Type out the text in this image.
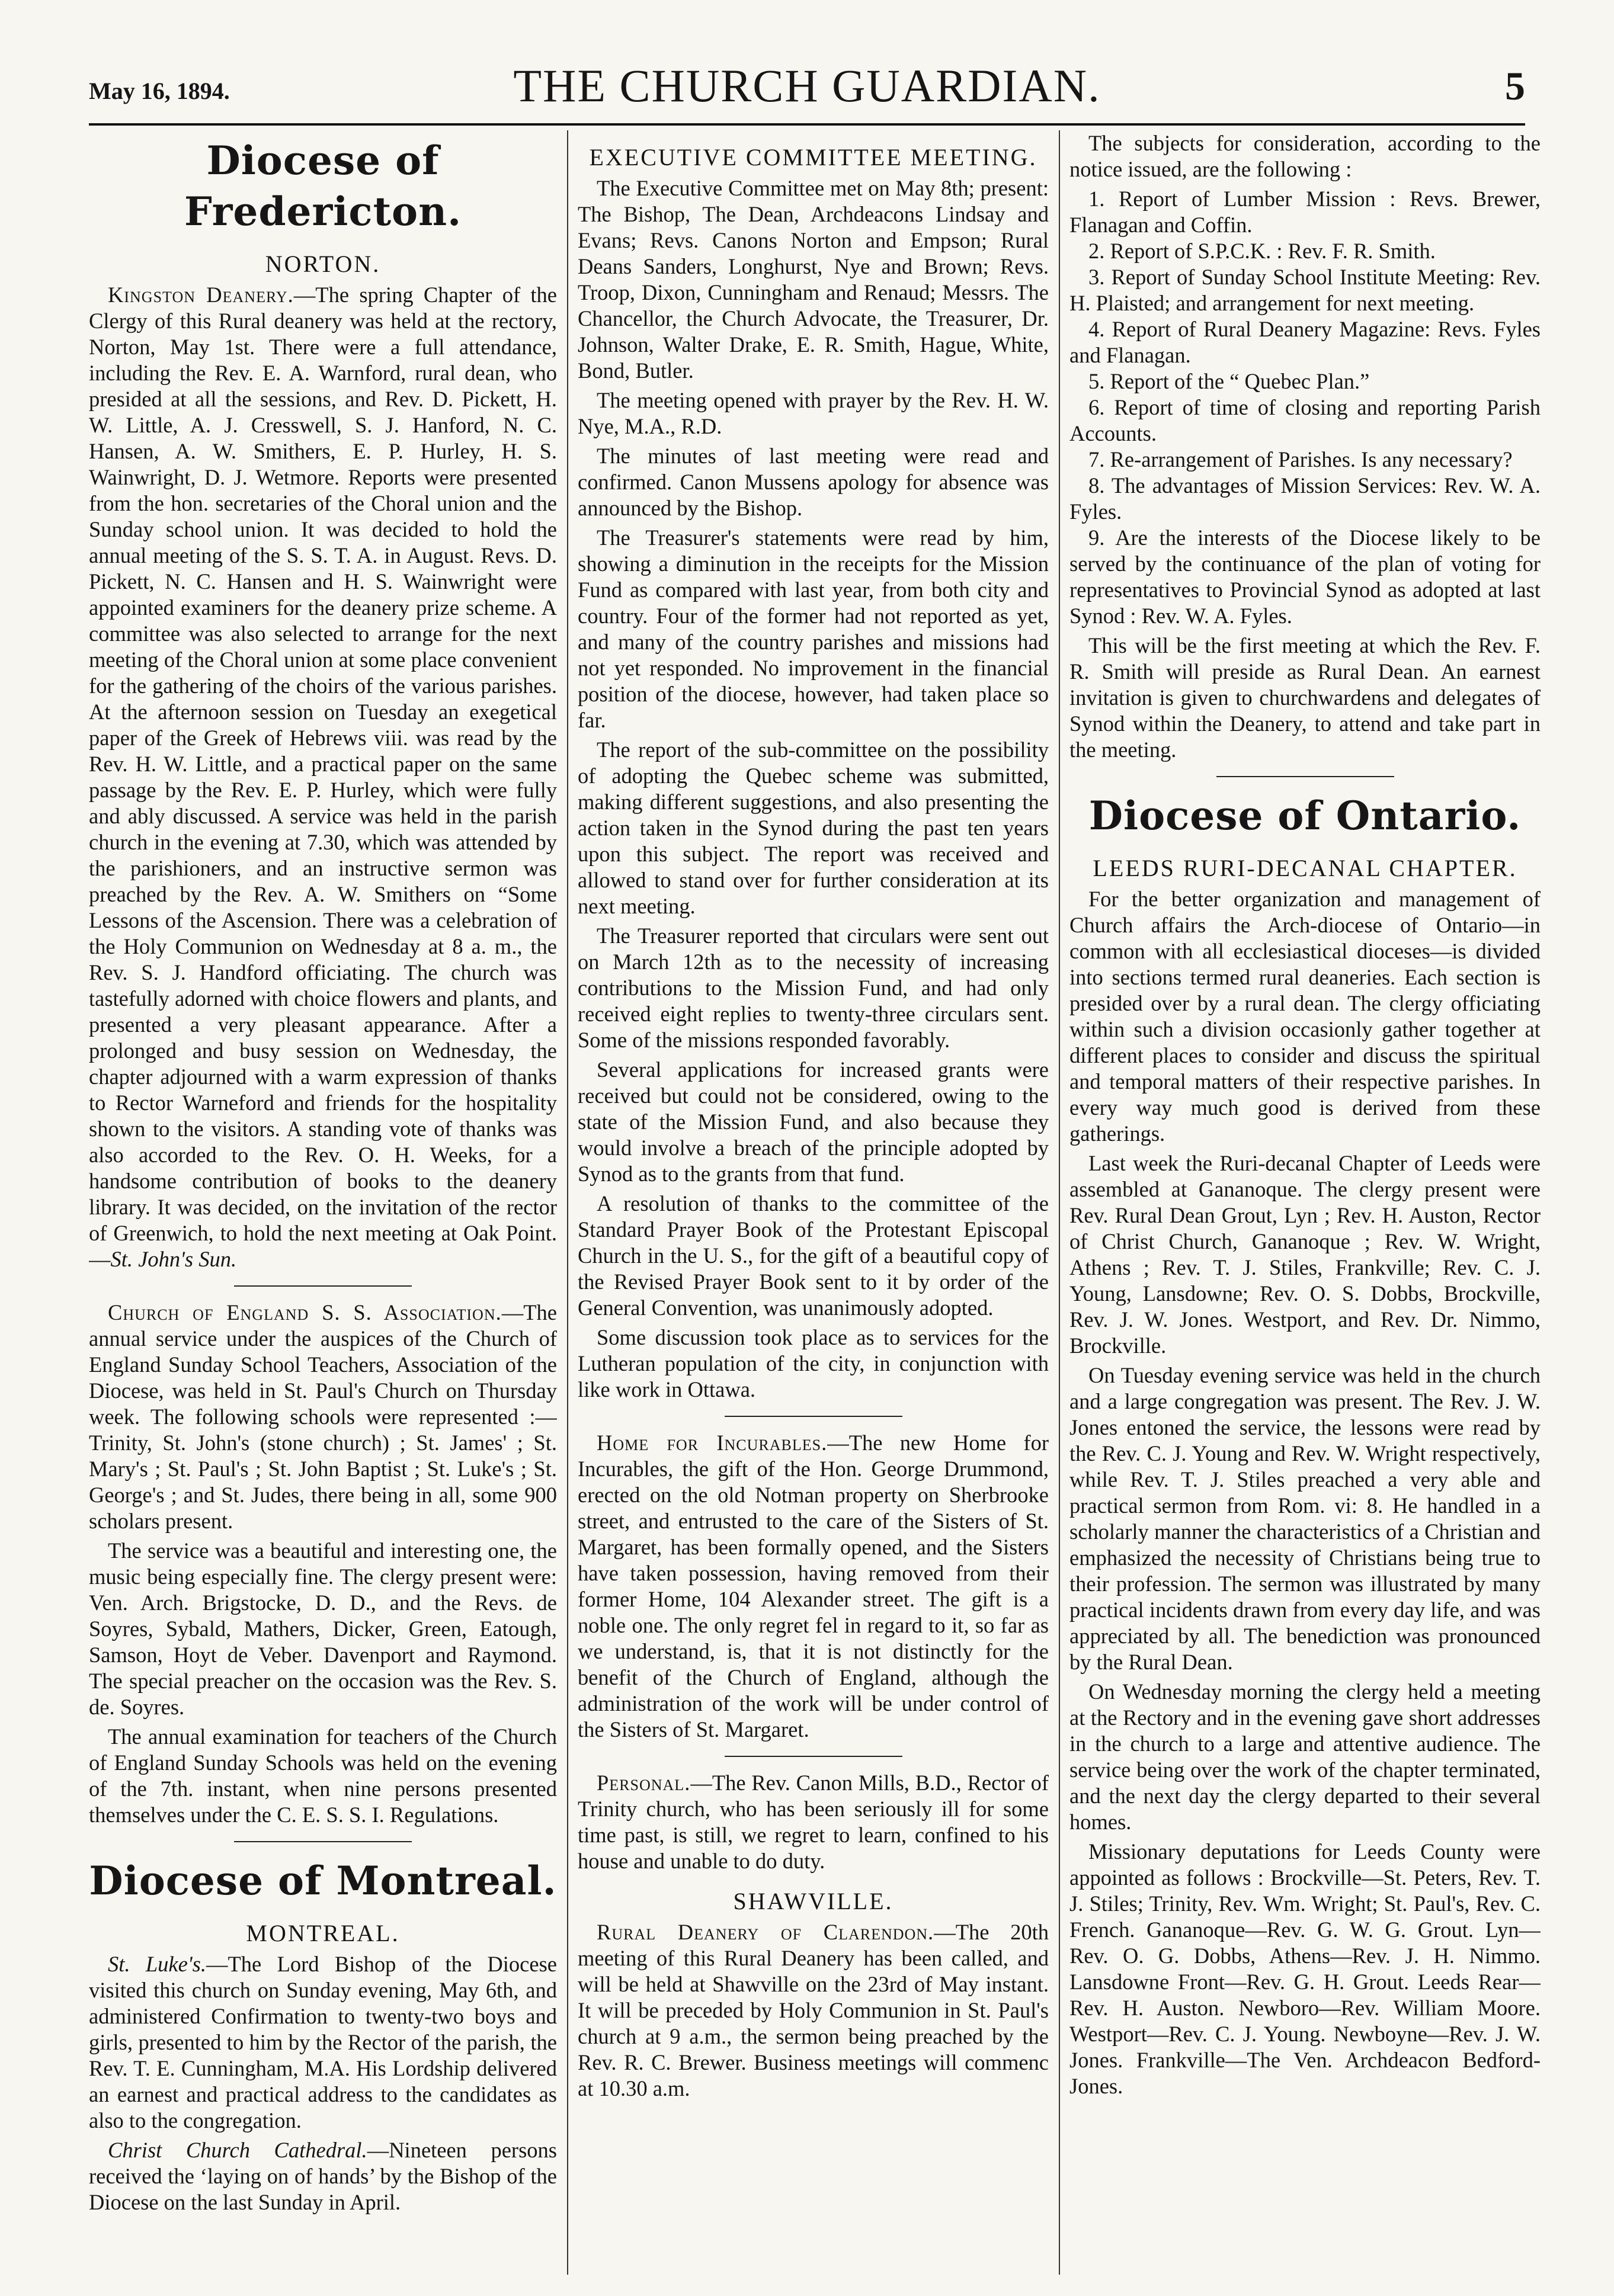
May 16, 1894.	THE CHURCH GUARDIAN.	5
Diocese of Fredericton.
NORTON.

Kingston Deanery.—The spring Chapter of the Clergy of this Rural deanery was held at the rectory, Norton, May 1st. There were a full attendance, including the Rev. E. A. Warnford, rural dean, who presided at all the sessions, and Rev. D. Pickett, H. W. Little, A. J. Cresswell, S. J. Hanford, N. C. Hansen, A. W. Smithers, E. P. Hurley, H. S. Wainwright, D. J. Wetmore. Reports were presented from the hon. secretaries of the Choral union and the Sunday school union. It was decided to hold the annual meeting of the S. S. T. A. in August. Revs. D. Pickett, N. C. Hansen and H. S. Wainwright were appointed examiners for the deanery prize scheme. A committee was also selected to arrange for the next meeting of the Choral union at some place convenient for the gathering of the choirs of the various parishes. At the afternoon session on Tuesday an exegetical paper of the Greek of Hebrews viii. was read by the Rev. H. W. Little, and a practical paper on the same passage by the Rev. E. P. Hurley, which were fully and ably discussed. A service was held in the parish church in the evening at 7.30, which was attended by the parishioners, and an instructive sermon was preached by the Rev. A. W. Smithers on “Some Lessons of the Ascension. There was a celebration of the Holy Communion on Wednesday at 8 a. m., the Rev. S. J. Handford officiating. The church was tastefully adorned with choice flowers and plants, and presented a very pleasant appearance. After a prolonged and busy session on Wednesday, the chapter adjourned with a warm expression of thanks to Rector Warneford and friends for the hospitality shown to the visitors. A standing vote of thanks was also accorded to the Rev. O. H. Weeks, for a handsome contribution of books to the deanery library. It was decided, on the invitation of the rector of Greenwich, to hold the next meeting at Oak Point.—St. John's Sun.

Church of England S. S. Association.—The annual service under the auspices of the Church of England Sunday School Teachers, Association of the Diocese, was held in St. Paul's Church on Thursday week. The following schools were represented :—Trinity, St. John's (stone church) ; St. James' ; St. Mary's ; St. Paul's ; St. John Baptist ; St. Luke's ; St. George's ; and St. Judes, there being in all, some 900 scholars present.

The service was a beautiful and interesting one, the music being especially fine. The clergy present were: Ven. Arch. Brigstocke, D. D., and the Revs. de Soyres, Sybald, Mathers, Dicker, Green, Eatough, Samson, Hoyt de Veber. Davenport and Raymond. The special preacher on the occasion was the Rev. S. de. Soyres.

The annual examination for teachers of the Church of England Sunday Schools was held on the evening of the 7th. instant, when nine persons presented themselves under the C. E. S. S. I. Regulations.

Diocese of Montreal.
MONTREAL.

St. Luke's.—The Lord Bishop of the Diocese visited this church on Sunday evening, May 6th, and administered Confirmation to twenty-two boys and girls, presented to him by the Rector of the parish, the Rev. T. E. Cunningham, M.A. His Lordship delivered an earnest and practical address to the candidates as also to the congregation.

Christ Church Cathedral.—Nineteen persons received the ‘laying on of hands’ by the Bishop of the Diocese on the last Sunday in April.

EXECUTIVE COMMITTEE MEETING.

The Executive Committee met on May 8th; present: The Bishop, The Dean, Archdeacons Lindsay and Evans; Revs. Canons Norton and Empson; Rural Deans Sanders, Longhurst, Nye and Brown; Revs. Troop, Dixon, Cunningham and Renaud; Messrs. The Chancellor, the Church Advocate, the Treasurer, Dr. Johnson, Walter Drake, E. R. Smith, Hague, White, Bond, Butler.

The meeting opened with prayer by the Rev. H. W. Nye, M.A., R.D.

The minutes of last meeting were read and confirmed. Canon Mussens apology for absence was announced by the Bishop.

The Treasurer's statements were read by him, showing a diminution in the receipts for the Mission Fund as compared with last year, from both city and country. Four of the former had not reported as yet, and many of the country parishes and missions had not yet responded. No improvement in the financial position of the diocese, however, had taken place so far.

The report of the sub-committee on the possibility of adopting the Quebec scheme was submitted, making different suggestions, and also presenting the action taken in the Synod during the past ten years upon this subject. The report was received and allowed to stand over for further consideration at its next meeting.

The Treasurer reported that circulars were sent out on March 12th as to the necessity of increasing contributions to the Mission Fund, and had only received eight replies to twenty-three circulars sent. Some of the missions responded favorably.

Several applications for increased grants were received but could not be considered, owing to the state of the Mission Fund, and also because they would involve a breach of the principle adopted by Synod as to the grants from that fund.

A resolution of thanks to the committee of the Standard Prayer Book of the Protestant Episcopal Church in the U. S., for the gift of a beautiful copy of the Revised Prayer Book sent to it by order of the General Convention, was unanimously adopted.

Some discussion took place as to services for the Lutheran population of the city, in conjunction with like work in Ottawa.

Home for Incurables.—The new Home for Incurables, the gift of the Hon. George Drummond, erected on the old Notman property on Sherbrooke street, and entrusted to the care of the Sisters of St. Margaret, has been formally opened, and the Sisters have taken possession, having removed from their former Home, 104 Alexander street. The gift is a noble one. The only regret fel in regard to it, so far as we understand, is, that it is not distinctly for the benefit of the Church of England, although the administration of the work will be under control of the Sisters of St. Margaret.

Personal.—The Rev. Canon Mills, B.D., Rector of Trinity church, who has been seriously ill for some time past, is still, we regret to learn, confined to his house and unable to do duty.

SHAWVILLE.

Rural Deanery of Clarendon.—The 20th meeting of this Rural Deanery has been called, and will be held at Shawville on the 23rd of May instant. It will be preceded by Holy Communion in St. Paul's church at 9 a.m., the sermon being preached by the Rev. R. C. Brewer. Business meetings will commenc at 10.30 a.m.

The subjects for consideration, according to the notice issued, are the following :

1. Report of Lumber Mission : Revs. Brewer, Flanagan and Coffin.
2. Report of S.P.C.K. : Rev. F. R. Smith.
3. Report of Sunday School Institute Meeting: Rev. H. Plaisted; and arrangement for next meeting.
4. Report of Rural Deanery Magazine: Revs. Fyles and Flanagan.
5. Report of the “ Quebec Plan.”
6. Report of time of closing and reporting Parish Accounts.
7. Re-arrangement of Parishes. Is any necessary?
8. The advantages of Mission Services: Rev. W. A. Fyles.
9. Are the interests of the Diocese likely to be served by the continuance of the plan of voting for representatives to Provincial Synod as adopted at last Synod : Rev. W. A. Fyles.

This will be the first meeting at which the Rev. F. R. Smith will preside as Rural Dean. An earnest invitation is given to churchwardens and delegates of Synod within the Deanery, to attend and take part in the meeting.

Diocese of Ontario.
LEEDS RURI-DECANAL CHAPTER.

For the better organization and management of Church affairs the Arch-diocese of Ontario—in common with all ecclesiastical dioceses—is divided into sections termed rural deaneries. Each section is presided over by a rural dean. The clergy officiating within such a division occasionly gather together at different places to consider and discuss the spiritual and temporal matters of their respective parishes. In every way much good is derived from these gatherings.

Last week the Ruri-decanal Chapter of Leeds were assembled at Gananoque. The clergy present were Rev. Rural Dean Grout, Lyn ; Rev. H. Auston, Rector of Christ Church, Gananoque ; Rev. W. Wright, Athens ; Rev. T. J. Stiles, Frankville; Rev. C. J. Young, Lansdowne; Rev. O. S. Dobbs, Brockville, Rev. J. W. Jones. Westport, and Rev. Dr. Nimmo, Brockville.

On Tuesday evening service was held in the church and a large congregation was present. The Rev. J. W. Jones entoned the service, the lessons were read by the Rev. C. J. Young and Rev. W. Wright respectively, while Rev. T. J. Stiles preached a very able and practical sermon from Rom. vi: 8. He handled in a scholarly manner the characteristics of a Christian and emphasized the necessity of Christians being true to their profession. The sermon was illustrated by many practical incidents drawn from every day life, and was appreciated by all. The benediction was pronounced by the Rural Dean.

On Wednesday morning the clergy held a meeting at the Rectory and in the evening gave short addresses in the church to a large and attentive audience. The service being over the work of the chapter terminated, and the next day the clergy departed to their several homes.

Missionary deputations for Leeds County were appointed as follows : Brockville—St. Peters, Rev. T. J. Stiles; Trinity, Rev. Wm. Wright; St. Paul's, Rev. C. French. Gananoque—Rev. G. W. G. Grout. Lyn—Rev. O. G. Dobbs, Athens—Rev. J. H. Nimmo. Lansdowne Front—Rev. G. H. Grout. Leeds Rear—Rev. H. Auston. Newboro—Rev. William Moore. Westport—Rev. C. J. Young. Newboyne—Rev. J. W. Jones. Frankville—The Ven. Archdeacon Bedford-Jones.
